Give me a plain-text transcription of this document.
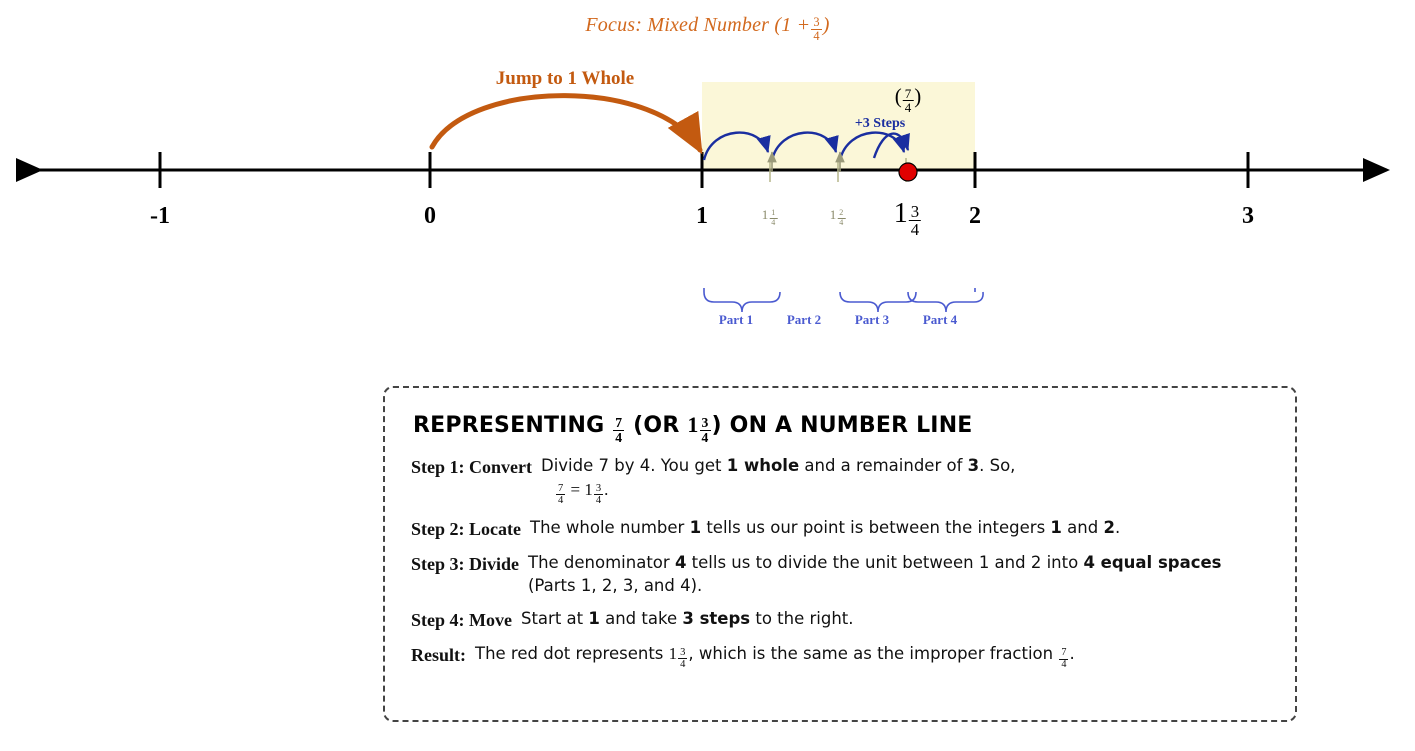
Focus: Mixed Number ($1 + \frac{3}{4}$ )
-1	0	1	2	3
$1 \frac{1}{4}$	$1 \frac{2}{4}$
Jump to 1 Whole
+3 Steps
( $\frac{7}{4}$ )
$1 \frac{3}{4}$
Part 1	Part 2	Part 3	Part 4
REPRESENTING $\frac{7}{4} (OR$ $1 \frac{3}{4}$ ) ON A NUMBER LINE
Step 1: Convert Divide 7 by 4. You get 1 whole and a remainder of 3. So,
$\frac{7}{4} = 1 \frac{3}{4}$ .
Step 2: Locate The whole number 1 tells us our point is between the integers 1 and 2.
Step 3: Divide The denominator 4 tells us to divide the unit between 1 and 2 into 4 equal spaces (Parts 1, 2, 3, and 4).
Step 4: Move Start at 1 and take 3 steps to the right.
Result: The red dot represents $1 \frac{3}{4}$ , which is the same as the improper fraction $\frac{7}{4}$ .
